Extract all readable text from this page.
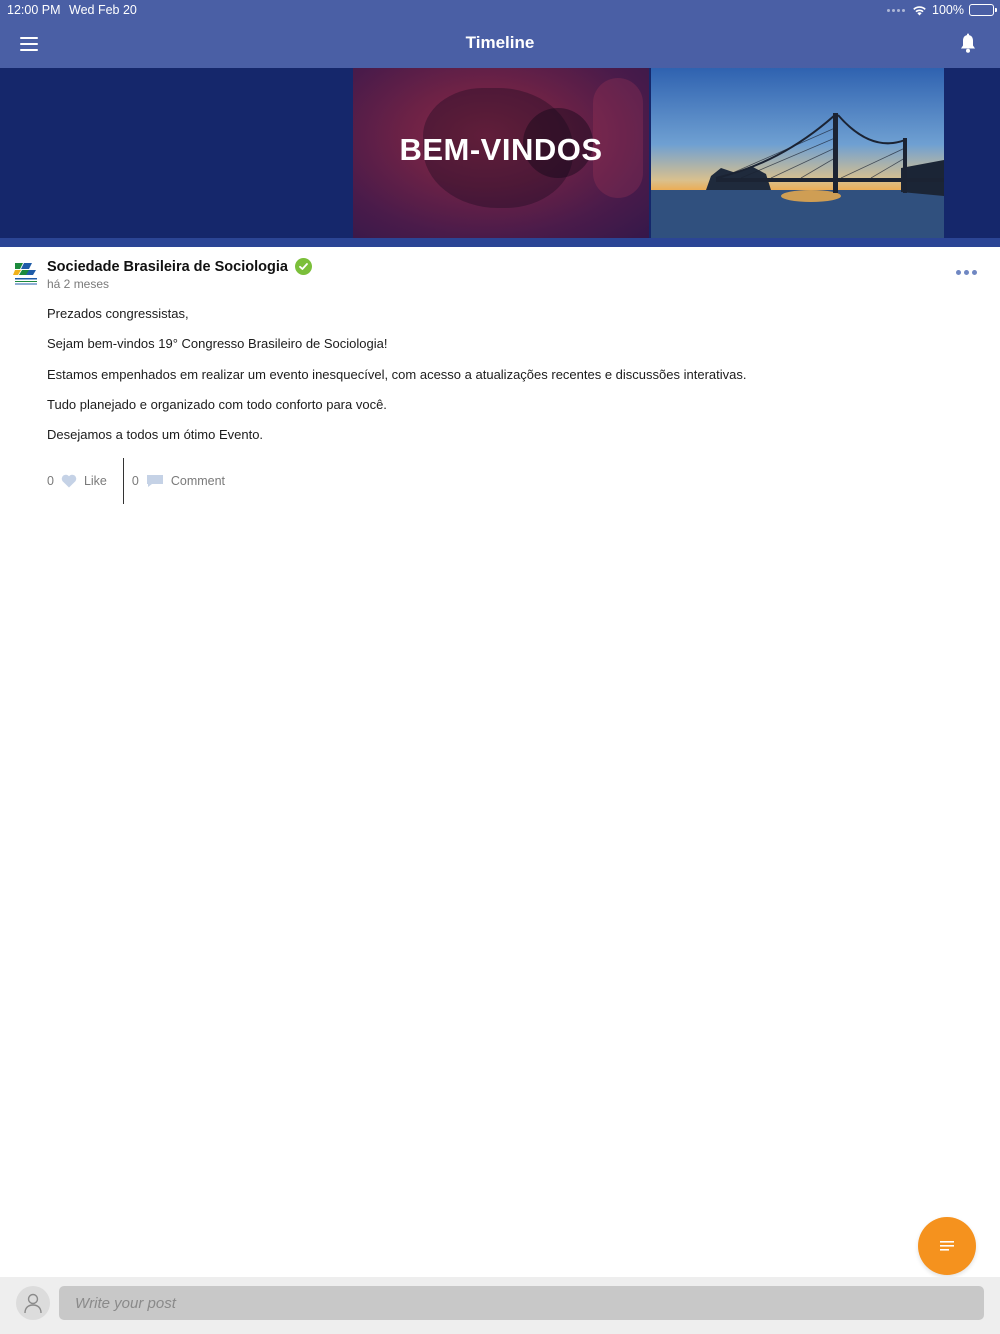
12:00 PM Wed Feb 20	100%
Timeline
BEM-VINDOS
Sociedade Brasileira de Sociologia
há 2 meses

Prezados congressistas,

Sejam bem-vindos 19° Congresso Brasileiro de Sociologia!

Estamos empenhados em realizar um evento inesquecível, com acesso a atualizações recentes e discussões interativas.

Tudo planejado e organizado com todo conforto para você.

Desejamos a todos um ótimo Evento.

0 Like 0	Comment
Write your post
